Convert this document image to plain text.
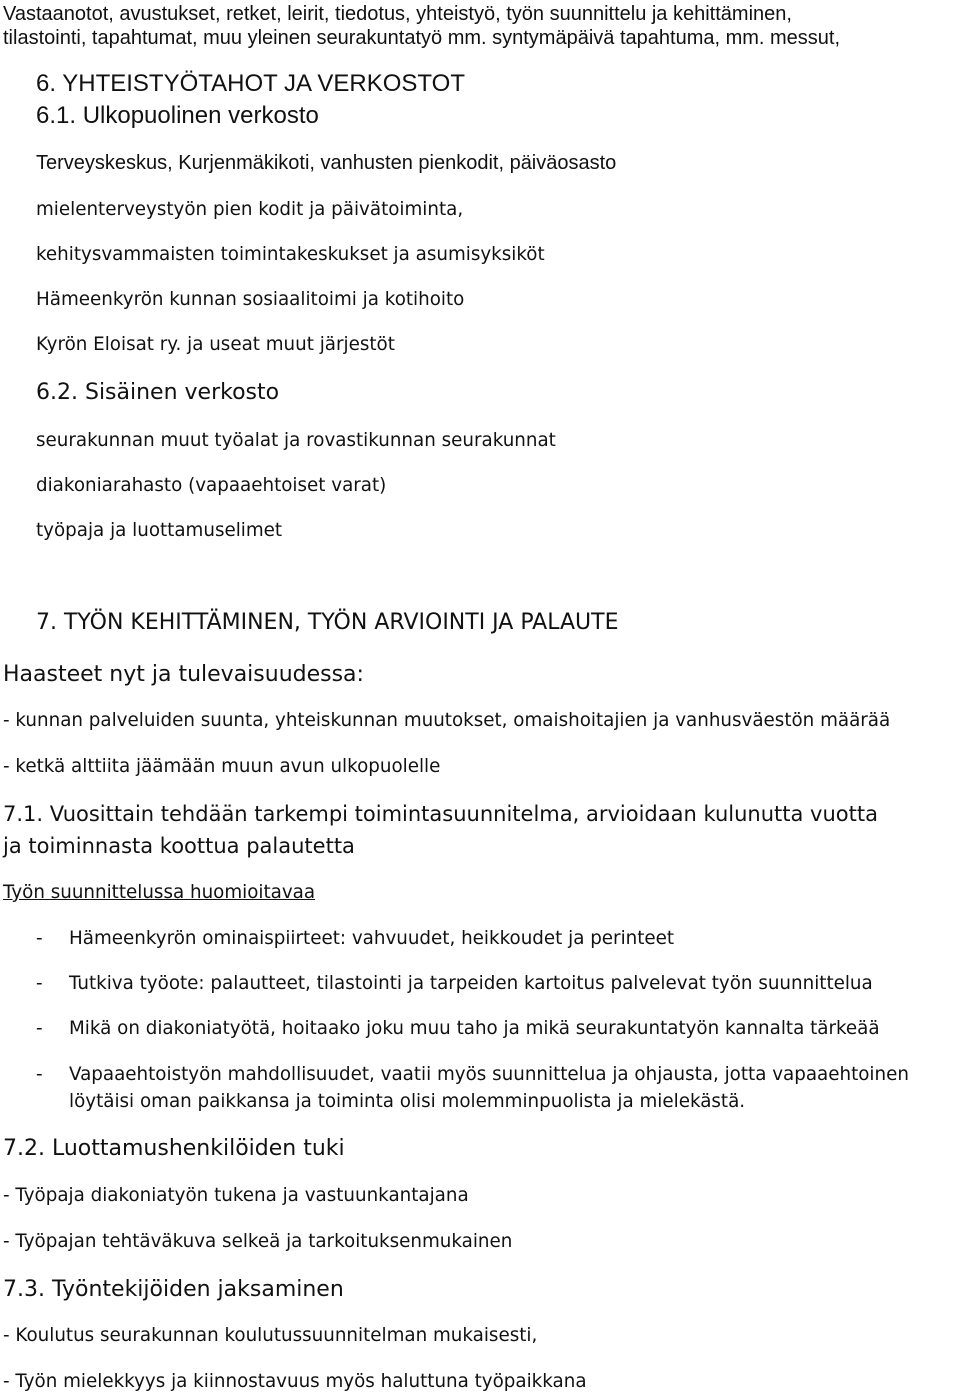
Vastaanotot, avustukset, retket, leirit, tiedotus, yhteistyö, työn suunnittelu ja kehittäminen,

tilastointi, tapahtumat, muu yleinen seurakuntatyö mm. syntymäpäivä tapahtuma, mm. messut,

6. YHTEISTYÖTAHOT JA VERKOSTOT
6.1. Ulkopuolinen verkosto

Terveyskeskus, Kurjenmäkikoti, vanhusten pienkodit, päiväosasto

mielenterveystyön pien kodit ja päivätoiminta,

kehitysvammaisten toimintakeskukset ja asumisyksiköt

Hämeenkyrön kunnan sosiaalitoimi ja kotihoito

Kyrön Eloisat ry. ja useat muut järjestöt

6.2. Sisäinen verkosto

seurakunnan muut työalat ja rovastikunnan seurakunnat

diakoniarahasto (vapaaehtoiset varat)

työpaja ja luottamuselimet

7. TYÖN KEHITTÄMINEN, TYÖN ARVIOINTI JA PALAUTE
Haasteet nyt ja tulevaisuudessa:

- kunnan palveluiden suunta, yhteiskunnan muutokset, omaishoitajien ja vanhusväestön määrää

- ketkä alttiita jäämään muun avun ulkopuolelle

7.1. Vuosittain tehdään tarkempi toimintasuunnitelma, arvioidaan kulunutta vuotta
ja toiminnasta koottua palautetta

Työn suunnittelussa huomioitavaa

- Hämeenkyrön ominaispiirteet: vahvuudet, heikkoudet ja perinteet
- Tutkiva työote: palautteet, tilastointi ja tarpeiden kartoitus palvelevat työn suunnittelua
- Mikä on diakoniatyötä, hoitaako joku muu taho ja mikä seurakuntatyön kannalta tärkeää
- Vapaaehtoistyön mahdollisuudet, vaatii myös suunnittelua ja ohjausta, jotta vapaaehtoinen
löytäisi oman paikkansa ja toiminta olisi molemminpuolista ja mielekästä.
7.2. Luottamushenkilöiden tuki

- Työpaja diakoniatyön tukena ja vastuunkantajana

- Työpajan tehtäväkuva selkeä ja tarkoituksenmukainen

7.3. Työntekijöiden jaksaminen

- Koulutus seurakunnan koulutussuunnitelman mukaisesti,

- Työn mielekkyys ja kiinnostavuus myös haluttuna työpaikkana
